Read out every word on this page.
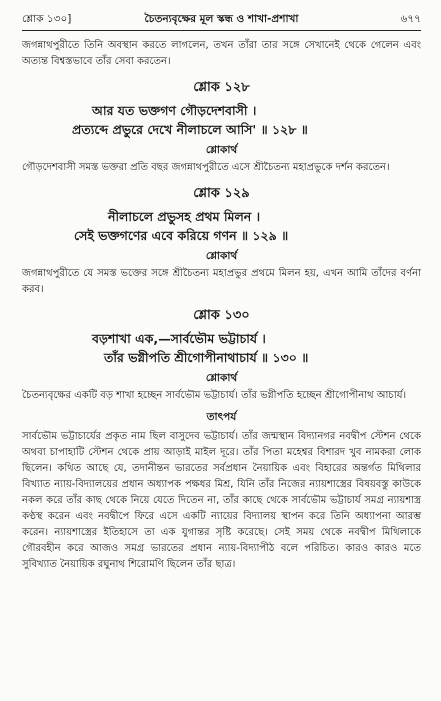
শ্লোক ১৩০]	চৈতন্যবৃক্ষের মূল স্কন্ধ ও শাখা-প্রশাখা	৬৭৭

জগন্নাথপুরীতে তিনি অবস্থান করতে লাগলেন, তখন তাঁরা তার সঙ্গে সেখানেই থেকে গেলেন এবং অত্যন্ত বিশ্বস্তভাবে তাঁর সেবা করতেন।

শ্লোক ১২৮

আর যত ভক্তগণ গৌড়দেশবাসী ।

প্রত্যব্দে প্রভুরে দেখে নীলাচলে আসি' ॥ ১২৮ ॥

শ্লোকার্থ

গৌড়দেশবাসী সমস্ত ভক্তরা প্রতি বছর জগন্নাথপুরীতে এসে শ্রীচৈতন্য মহাপ্রভুকে দর্শন করতেন।

শ্লোক ১২৯

নীলাচলে প্রভুসহ প্রথম মিলন ।

সেই ভক্তগণের এবে করিয়ে গণন ॥ ১২৯ ॥

শ্লোকার্থ

জগন্নাথপুরীতে যে সমস্ত ভক্তের সঙ্গে শ্রীচৈতন্য মহাপ্রভুর প্রথমে মিলন হয়, এখন আমি তাঁদের বর্ণনা করব।

শ্লোক ১৩০

বড়শাখা এক,—সার্বভৌম ভট্টাচার্য ।

তাঁর ভগ্নীপতি শ্রীগোপীনাথাচার্য ॥ ১৩০ ॥

শ্লোকার্থ

চৈতন্যবৃক্ষের একটি বড় শাখা হচ্ছেন সার্বভৌম ভট্টাচার্য। তাঁর ভগ্নীপতি হচ্ছেন শ্রীগোপীনাথ আচার্য।

তাৎপর্য

সার্বভৌম ভট্টাচার্যের প্রকৃত নাম ছিল বাসুদেব ভট্টাচার্য। তাঁর জন্মস্থান বিদ্যানগর নবদ্বীপ স্টেশন থেকে অথবা চাপাহাটি স্টেশন থেকে প্রায় আড়াই মাইল দূরে। তাঁর পিতা মহেশ্বর বিশারদ খুব নামকরা লোক ছিলেন। কথিত আছে যে, তদানীন্তন ভারতের সর্বপ্রধান নৈয়ায়িক এবং বিহারের অন্তর্গত মিথিলার বিখ্যাত ন্যায়-বিদ্যালয়ের প্রধান অধ্যাপক পক্ষধর মিশ্র, যিনি তাঁর নিজের ন্যায়শাস্ত্রের বিষয়বস্তু কাউকে নকল করে তাঁর কাছ থেকে নিয়ে যেতে দিতেন না, তাঁর কাছে থেকে সার্বভৌম ভট্টাচার্য সমগ্র ন্যায়শাস্ত্র কণ্ঠস্থ করেন এবং নবদ্বীপে ফিরে এসে একটি ন্যায়ের বিদ্যালয় স্থাপন করে তিনি অধ্যাপনা আরম্ভ করেন। ন্যায়শাস্ত্রের ইতিহাসে তা এক যুগান্তর সৃষ্টি করেছে। সেই সময় থেকে নবদ্বীপ মিথিলাকে গৌরবহীন করে আজও সমগ্র ভারতের প্রধান ন্যায়-বিদ্যাপীঠ বলে পরিচিত। কারও কারও মতে সুবিখ্যাত নৈয়ায়িক রঘুনাথ শিরোমণি ছিলেন তাঁর ছাত্র।
